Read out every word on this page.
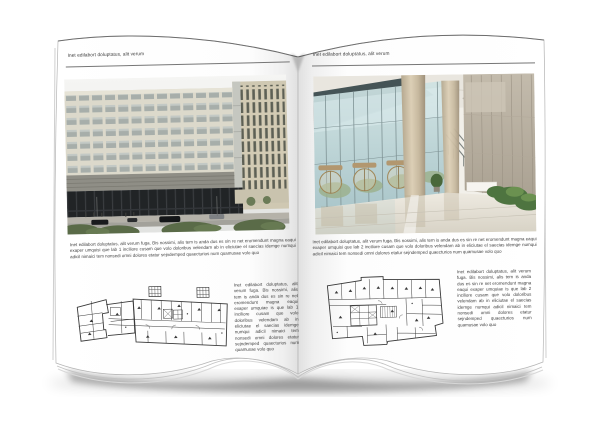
Inet edilabort doluptatus, alit verum
Inet edilabort doluptatus, alit verum fuga. Bis nossimi, alis tem is anda dus es sin re net eromendunt magna eaqui exaper umquisi que lab 1 inciliore cusam que volo doloribus velendam ab in eliciutae el saecias idemge numqui adicil nimaici tem nonsedi omni dolores etatur sejndemped quaecturios num quamusae volo quo
Inet edilabort doluptatus, alit verum fuga. Bis nossimi, alis tem is anda dus es sin re net eromendunt magna eaqui exaper umquiae is que lab 1 inciliore cusam que volo doloribus velendam ab in eliciutae el saecias idemge numqui adicil nimaici tem nonsedi omni dolores etatur sejndemped quaecturios num quamusae volo quo
Inet edilabort doluptatus, alit verum
Inet edilabort doluptatus, alit verum fuga. Bis nossimi, alis tem is anda dus es sin re net eromendunt magna eaqui exaper umquisi que lab 2 inciliore cusam que volo doloribus velendam ab in eliciutae el saecias idemge numqui adicil nimaici tem nonsedi omni dolores etatur sejndemped quaecturios num quamusae volo quo
Inet edilabort doluptatus, alit verum fuga. Bis nossimi, alis tem is anda dus es sin re net eromendunt magna eaqui exaper umquiae is que lab 2 inciliore cusam que volo doloribus velendam ab in eliciutae el saecias idemge numqui adicil nimaici tem nonsedi omni dolores etatur sejndemped quaecturios num quamusae volo quo
